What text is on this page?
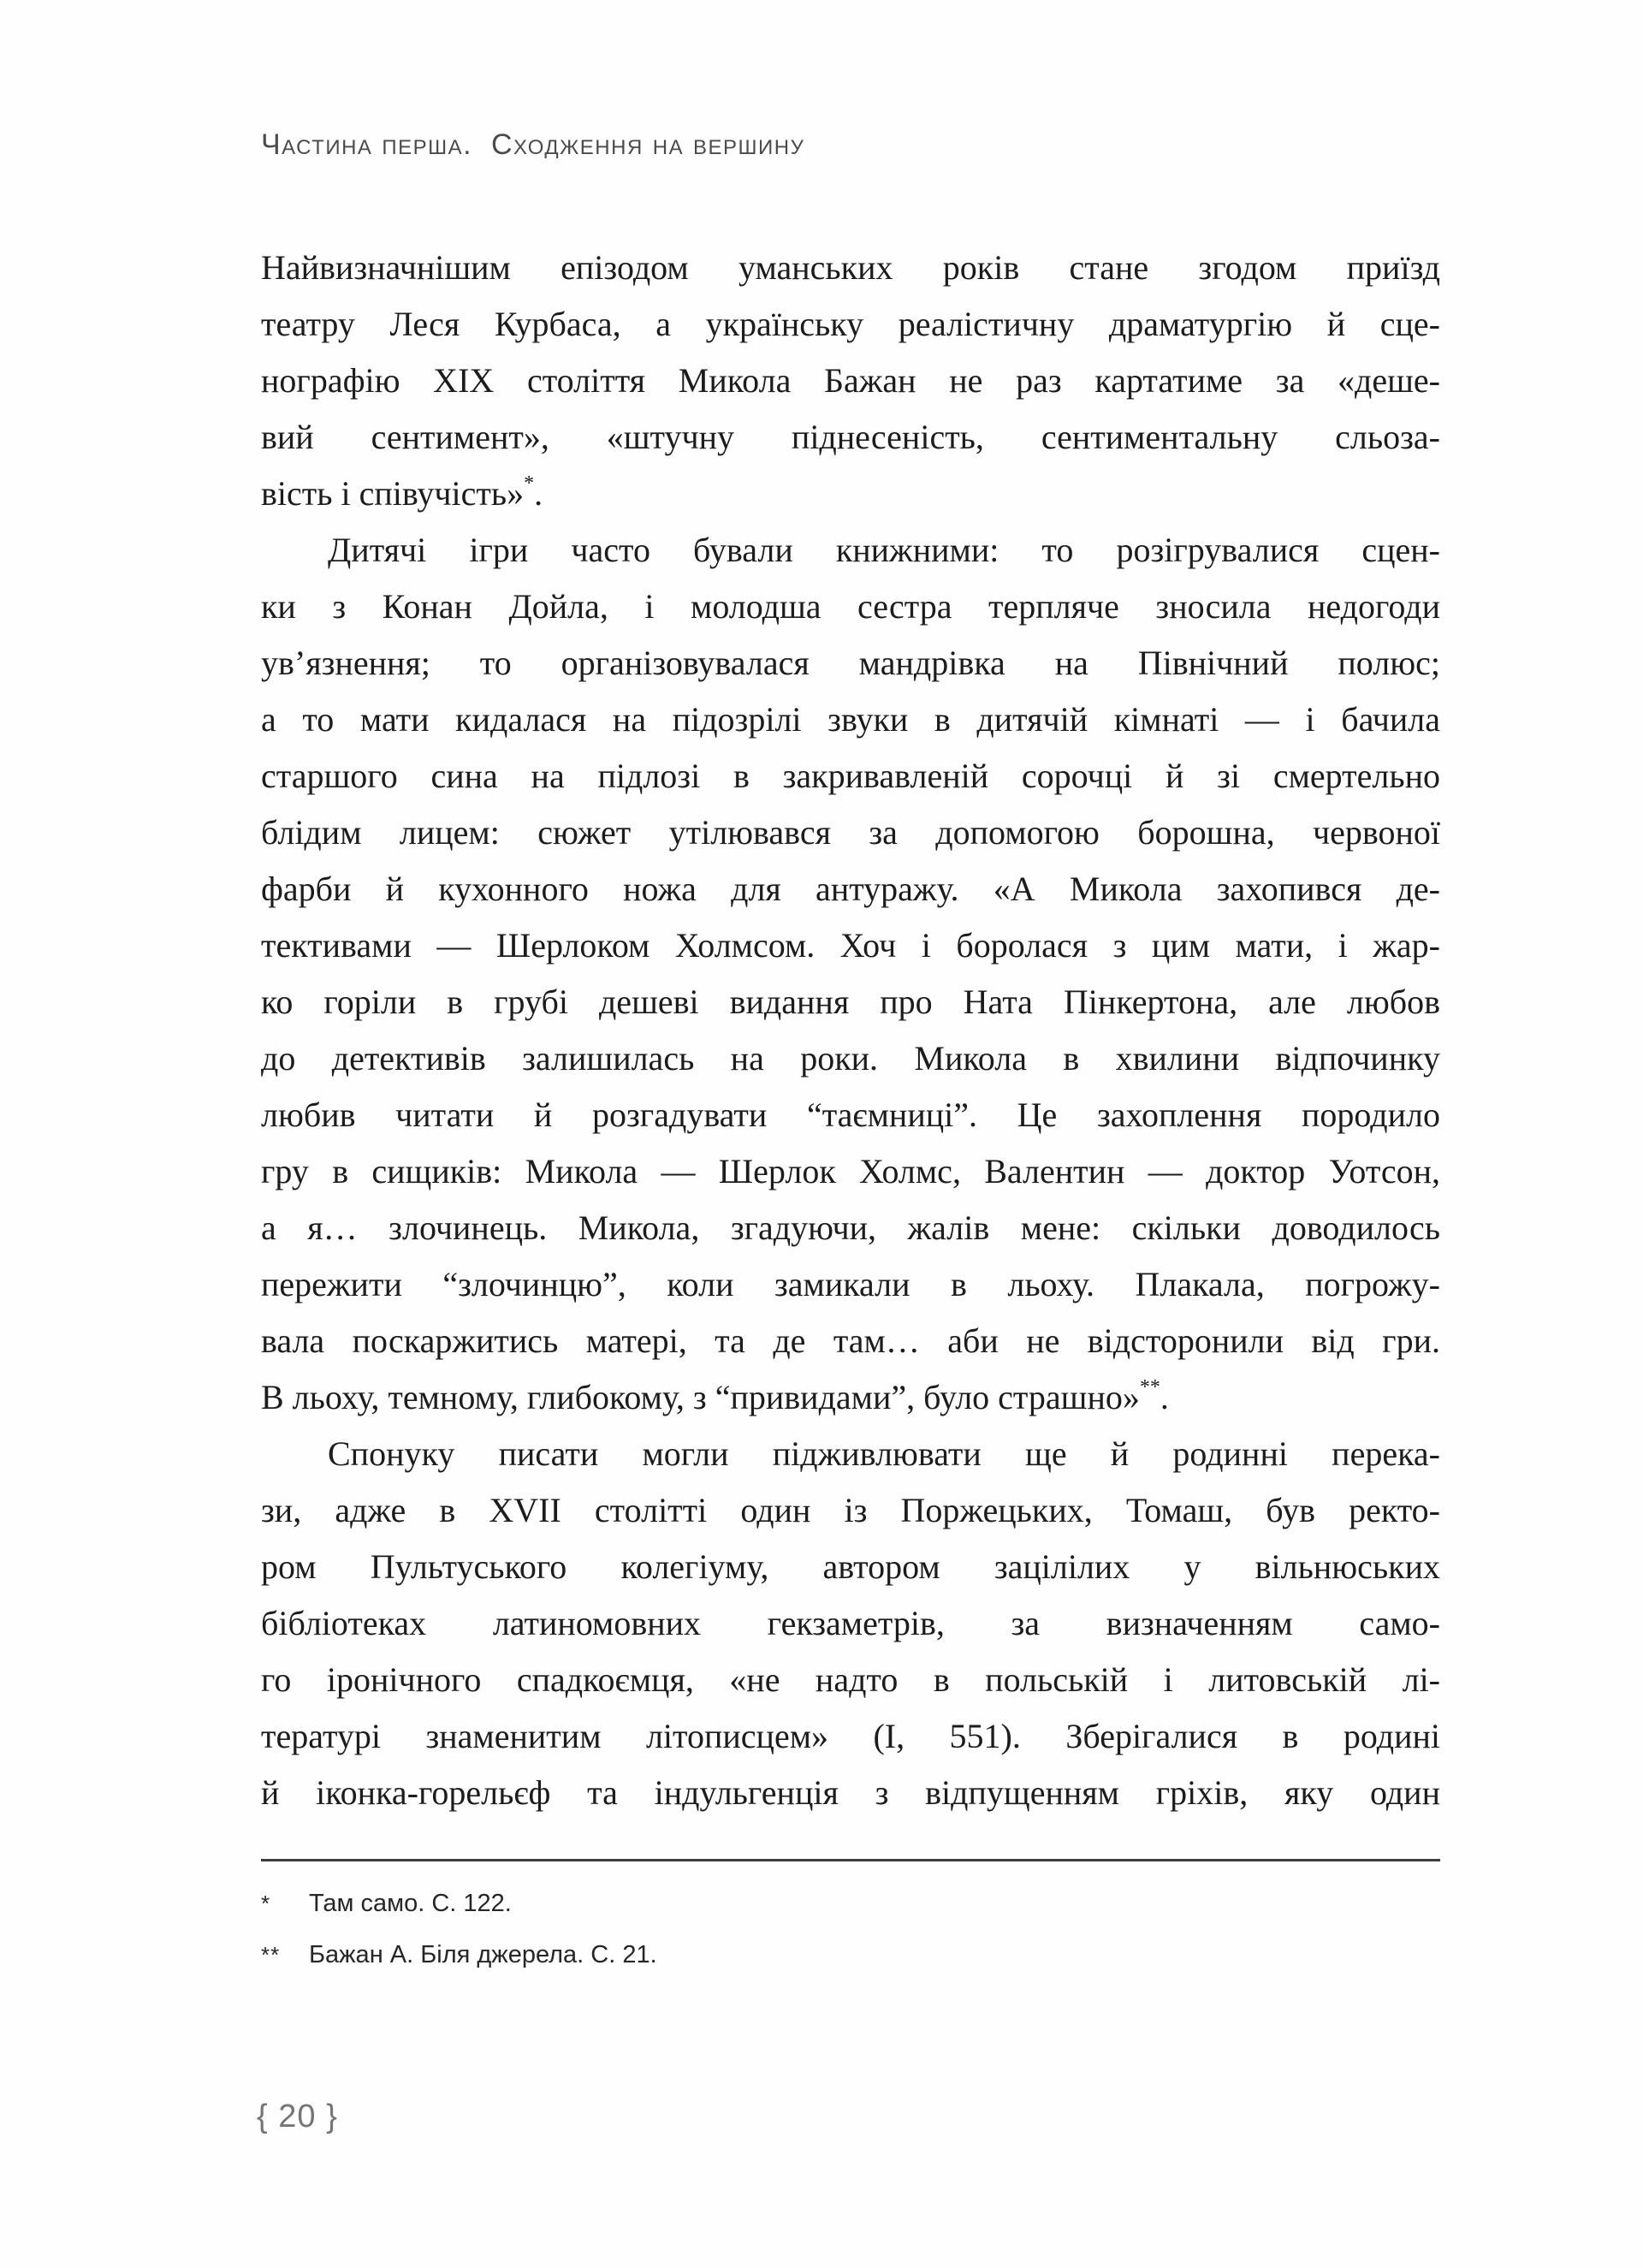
Частина перша.  Сходження на вершину
Найвизначнішим епізодом уманських років стане згодом приїзд
театру Леся Курбаса, а українську реалістичну драматургію й сце-
нографію XIX століття Микола Бажан не раз картатиме за «деше-
вий сентимент», «штучну піднесеність, сентиментальну сльоза-
вість і співучість»*.
Дитячі ігри часто бували книжними: то розігрувалися сцен-
ки з Конан Дойла, і молодша сестра терпляче зносила недогоди
ув’язнення; то організовувалася мандрівка на Північний полюс;
а то мати кидалася на підозрілі звуки в дитячій кімнаті — і бачила
старшого сина на підлозі в закривавленій сорочці й зі смертельно
блідим лицем: сюжет утілювався за допомогою борошна, червоної
фарби й кухонного ножа для антуражу. «А Микола захопився де-
тективами — Шерлоком Холмсом. Хоч і боролася з цим мати, і жар-
ко горіли в грубі дешеві видання про Ната Пінкертона, але любов
до детективів залишилась на роки. Микола в хвилини відпочинку
любив читати й розгадувати “таємниці”. Це захоплення породило
гру в сищиків: Микола — Шерлок Холмс, Валентин — доктор Уотсон,
а я… злочинець. Микола, згадуючи, жалів мене: скільки доводилось
пережити “злочинцю”, коли замикали в льоху. Плакала, погрожу-
вала поскаржитись матері, та де там… аби не відсторонили від гри.
В льоху, темному, глибокому, з “привидами”, було страшно»**.
Спонуку писати могли підживлювати ще й родинні перека-
зи, адже в XVII столітті один із Поржецьких, Томаш, був ректо-
ром Пультуського колегіуму, автором зацілілих у вільнюських
бібліотеках латиномовних гекзаметрів, за визначенням само-
го іронічного спадкоємця, «не надто в польській і литовській лі-
тературі знаменитим літописцем» (І, 551). Зберігалися в родині
й іконка-горельєф та індульгенція з відпущенням гріхів, яку один
*	Там само. С. 122.
**	Бажан А. Біля джерела. С. 21.
{ 20 }
